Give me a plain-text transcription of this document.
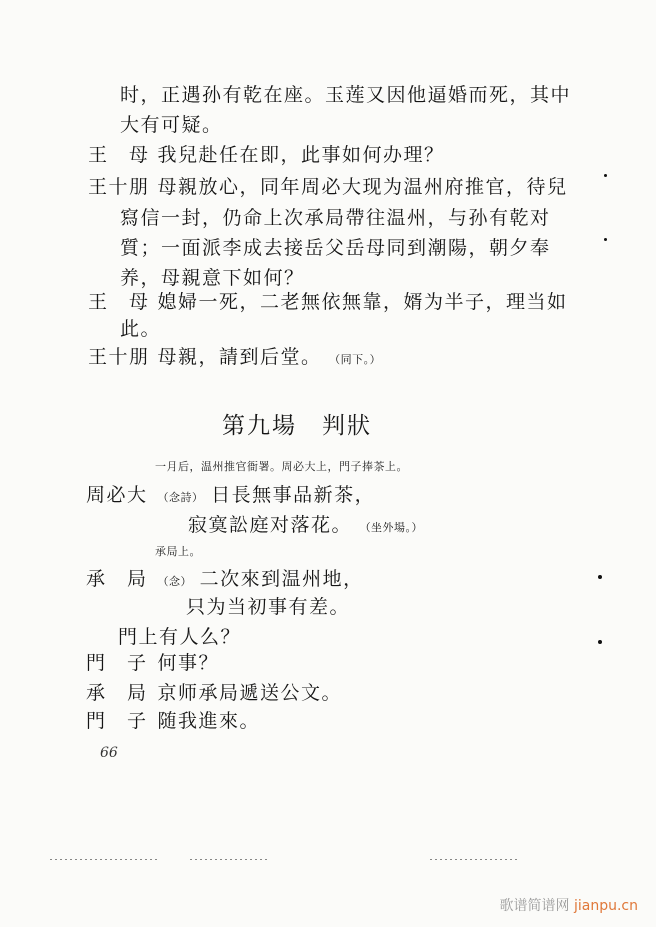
时，正遇孙有乾在座。玉莲又因他逼婚而死，其中
大有可疑。
王　母 我兒赴任在即，此事如何办理？
王十朋 母親放心，同年周必大现为温州府推官，待兒
寫信一封，仍命上次承局帶往温州，与孙有乾对
質；一面派李成去接岳父岳母同到潮陽，朝夕奉
养，母親意下如何？
王　母 媳婦一死，二老無依無靠，婿为半子，理当如
此。
王十朋 母親，請到后堂。 （同下。）
第九場　判狀
一月后，温州推官衙署。周必大上，門子捧茶上。
周必大 （念詩） 日長無事品新茶，
寂寞訟庭对落花。 （坐外場。）
承局上。
承　局 （念） 二次來到温州地，
只为当初事有差。
門上有人么？
門　子 何事？
承　局 京师承局遞送公文。
門　子 随我進來。
66
歌谱简谱网 jianpu.cn
